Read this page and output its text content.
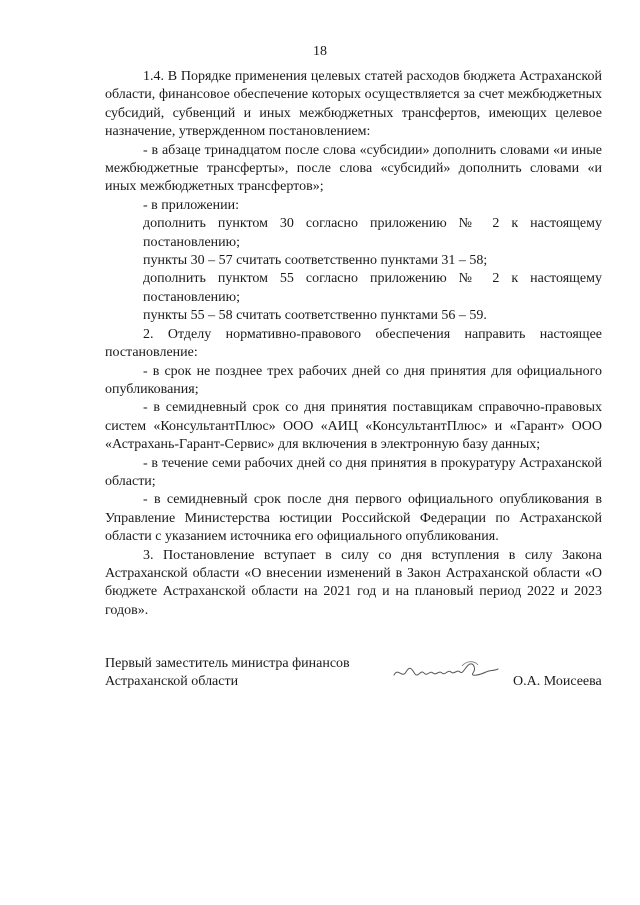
18

1.4. В Порядке применения целевых статей расходов бюджета Астраханской области, финансовое обеспечение которых осуществляется за счет межбюджетных субсидий, субвенций и иных межбюджетных трансфертов, имеющих целевое назначение, утвержденном постановлением:

- в абзаце тринадцатом после слова «субсидии» дополнить словами «и иные межбюджетные трансферты», после слова «субсидий» дополнить словами «и иных межбюджетных трансфертов»;

- в приложении:

дополнить пунктом 30 согласно приложению № 2 к настоящему постановлению;

пункты 30 – 57 считать соответственно пунктами 31 – 58;

дополнить пунктом 55 согласно приложению № 2 к настоящему постановлению;

пункты 55 – 58 считать соответственно пунктами 56 – 59.

2. Отделу нормативно-правового обеспечения направить настоящее постановление:

- в срок не позднее трех рабочих дней со дня принятия для официального опубликования;

- в семидневный срок со дня принятия поставщикам справочно-правовых систем «КонсультантПлюс» ООО «АИЦ «КонсультантПлюс» и «Гарант» ООО «Астрахань-Гарант-Сервис» для включения в электронную базу данных;

- в течение семи рабочих дней со дня принятия в прокуратуру Астраханской области;

- в семидневный срок после дня первого официального опубликования в Управление Министерства юстиции Российской Федерации по Астраханской области с указанием источника его официального опубликования.

3. Постановление вступает в силу со дня вступления в силу Закона Астраханской области «О внесении изменений в Закон Астраханской области «О бюджете Астраханской области на 2021 год и на плановый период 2022 и 2023 годов».

Первый заместитель министра финансов
Астраханской области	О.А. Моисеева
